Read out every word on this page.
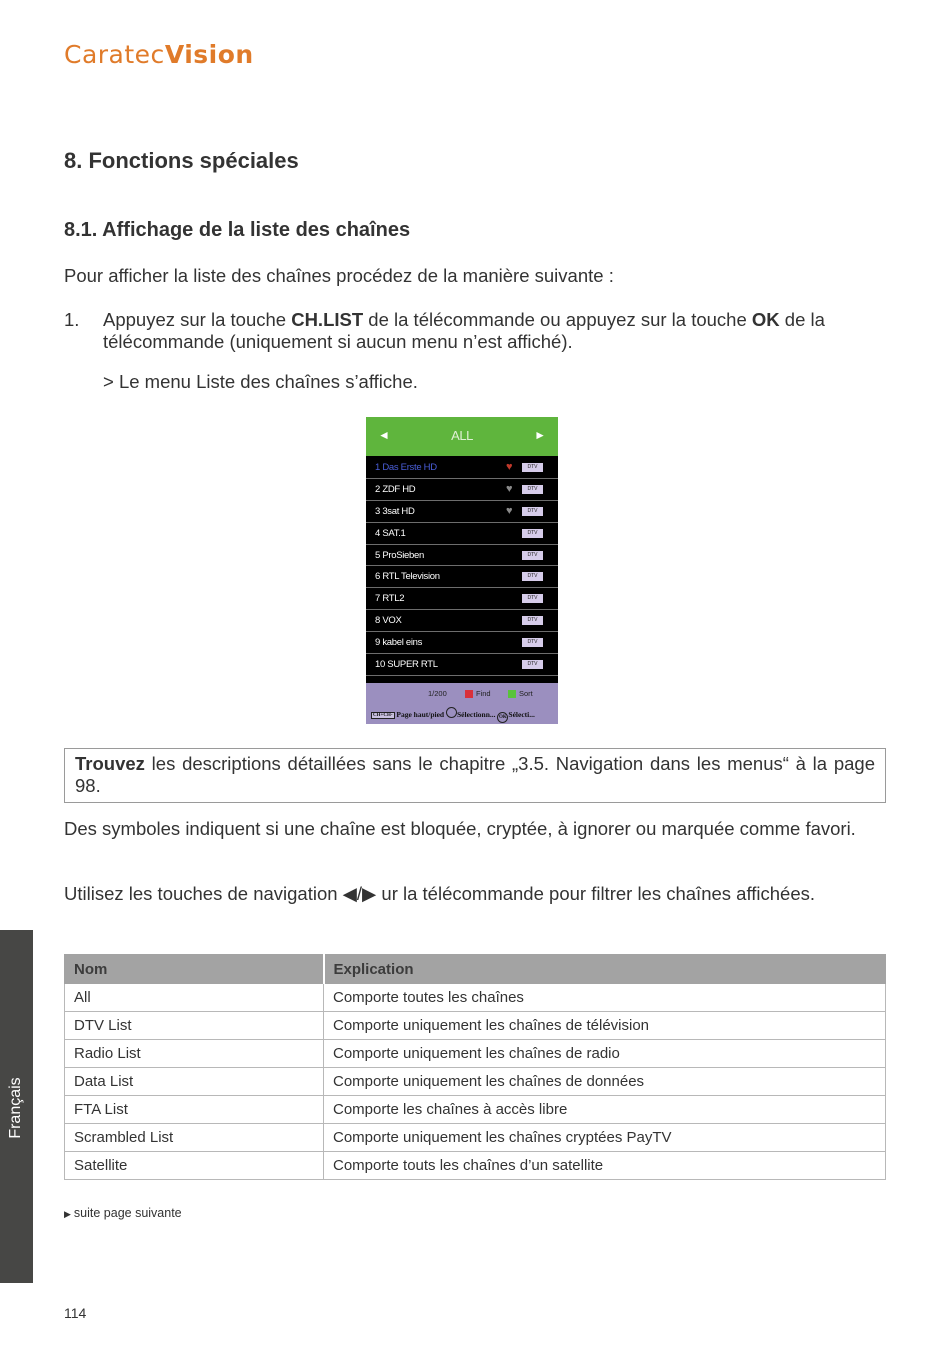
CaratecVision
8. Fonctions spéciales
8.1. Affichage de la liste des chaînes

Pour afficher la liste des chaînes procédez de la manière suivante :

1. Appuyez sur la touche CH.LIST de la télécommande ou appuyez sur la touche OK de la télécommande (uniquement si aucun menu n’est affiché).
> Le menu Liste des chaînes s’affiche.
◄	ALL	►
1 Das Erste HD	♥	DTV
2 ZDF HD	♥	DTV
3 3sat HD	♥	DTV
4 SAT.1	DTV
5 ProSieben	DTV
6 RTL Television	DTV
7 RTL2	DTV
8 VOX	DTV
9 kabel eins	DTV
10 SUPER RTL	DTV
1/200	Find	Sort
CH+CH- Page haut/pied Sélectionn... OK Sélecti...
Trouvez les descriptions détaillées sans le chapitre „3.5. Navigation dans les menus“ à la page 98.

Des symboles indiquent si une chaîne est bloquée, cryptée, à ignorer ou marquée comme favori.

Utilisez les touches de navigation ◀/▶ ur la télécommande pour filtrer les chaînes affichées.

Nom	Explication
All	Comporte toutes les chaînes
DTV List	Comporte uniquement les chaînes de télévision
Radio List	Comporte uniquement les chaînes de radio
Data List	Comporte uniquement les chaînes de données
FTA List	Comporte les chaînes à accès libre
Scrambled List	Comporte uniquement les chaînes cryptées PayTV
Satellite	Comporte touts les chaînes d’un satellite
▶ suite page suivante
Français
114
